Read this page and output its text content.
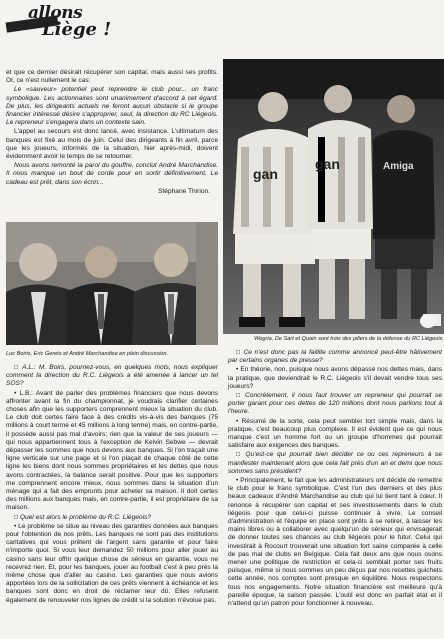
allons
Liège !

et que ce dernier désirait récupérer son capital, mais aussi ses profits. Or, ce n'est nullement le cas:

Le «sauveur» potentiel peut reprendre le club pour... un franc symbolique. Les actionnaires sont unanimement d'accord à cet égard. De plus, les dirigeants actuels ne feront aucun obstacle si le groupe financier intéressé désire s'approprier, seul, la direction du RC Liégeois. Le repreneur s'engagera dans un contexte sain.

L'appel au secours est donc lancé, avec insistance. L'ultimatum des banques est fixé au mois de juin. Celui des dirigeants à fin avril, parce que les joueurs, informés de la situation, hier après-midi, doivent évidemment avoir le temps de se retourner.

Nous avons remonté la parol du gouffre, conclut André Marchandise. Il nous manque un bout de corde pour en sortir définitivement. Le cadeau est prêt, dans son écrin...

Stéphane Thirion.

gan
gan	Amiga
Wegria, De Sart et Quain sont trois des piliers de la défense du RC Liégeois.
Luc Boiris, Eric Gerets et André Marchandise en plein discussion.

□ A.L.: M. Boirs, pourriez-vous, en quelques mots, nous expliquer comment la direction du R.C. Liégeois a été amenée à lancer un tel SOS?

• L.B.: Avant de parler des problèmes financiers que nous devons affronter avant la fin du championnat, je voudrais clarifier certaines choses afin que les supporters comprennent mieux la situation du club. Le club doit certes faire face à des crédits vis-à-vis des banques (75 millions à court terme et 45 millions à long terme) mais, en contre-partie, il possède aussi pas mal d'avoirs; rien que la valeur de ses joueurs — qui nous appartiennent tous à l'exception de Kelvin Sebwe — devrait dépasser les sommes que nous devons aux banques. Si l'on traçait une ligne verticale sur une page et si l'on plaçait de chaque côté de cette ligne les biens dont nous sommes propriétaires et les dettes que nous avons contractées, la balance serait positive. Pour que les supporters me comprennent encore mieux, nous sommes dans la situation d'un ménage qui a fait des emprunts pour acheter sa maison. Il doit certes des millions aux banques mais, en contre-partie, il est propriétaire de sa maison.

□ Quel est alors le problème du R.C. Liégeois?

• Le problème se situe au niveau des garanties données aux banques pour l'obtention de nos prêts. Les banques ne sont pas des institutions caritatives qui vous prêtent de l'argent sans garantie et pour faire n'importe quoi. Si vous leur demandez 50 millions pour aller jouer au casino sans leur offrir quelque chose de sérieux en garantie, vous ne recevrez rien. Et, pour les banques, jouer au football c'est à peu près la même chose que d'aller au casino. Les garanties que nous avions apportées lors de la sollicitation de ces prêts viennent à échéance et les banques sont donc en droit de réclamer leur dû. Elles refusent également de renouveler nos lignes de crédit si la solution n'évolue pas.

□ Ce n'est donc pas la faillite comme annoncé peut-être hâtivement par certains organes de presse?

• En théorie, non, puisque nous avons dépassé nos dettes mais, dans la pratique, que deviendrait le R.C. Liégeois s'il devait vendre tous ses joueurs?

□ Concrètement, il nous faut trouver un repreneur qui pourrait se porter garant pour ces dettes de 120 millions dont nous parlions tout à l'heure.

• Résumé de la sorte, cela peut sembler tort simple mais, dans la pratique, c'est beaucoup plus complexe. Il est évident que ce qui nous manque c'est un homme fort ou un groupe d'hommes qui pourrait satisfaire aux exigences des banques.

□ Qu'est-ce qui pourrait bien décider ce ou ces repreneurs à se manifester maintenant alors que cela fait près d'un an et demi que nous sommes sans président?

• Principalement, le fait que les administrateurs ont décidé de remettre le club pour le franc symbolique. C'est l'un des derniers et des plus beaux cadeaux d'André Marchandise au club qui lui tient tant à cœur. Il renonce à récupérer son capital et ses investissements dans le club liégeois pour que celui-ci puisse continuer à vivre. Le conseil d'administration et l'équipe en place sont prêts à se retirer, à laisser les mains libres ou à collaborer avec quelqu'un de sérieux qui envisagerait de donner toutes ses chances au club liégeois pour le futur. Celui qui investirait à Rocourt trouverait une situation fort saine comparée à celle de pas mal de clubs en Belgique. Cela fait deux ans que nous osons mener une politique de restriction et cela-ci semblait porter ses fruits puisque, même si nous sommes un peu déçus par nos recettes guichets cette année, nos comptes sont presque en équilibre. Nous respectons tous nos engagements. Notre situation financière est meilleure qu'à pareille époque, la saison passée. L'outil est donc en parfait état et il n'attend qu'un patron pour fonctionner à nouveau.
